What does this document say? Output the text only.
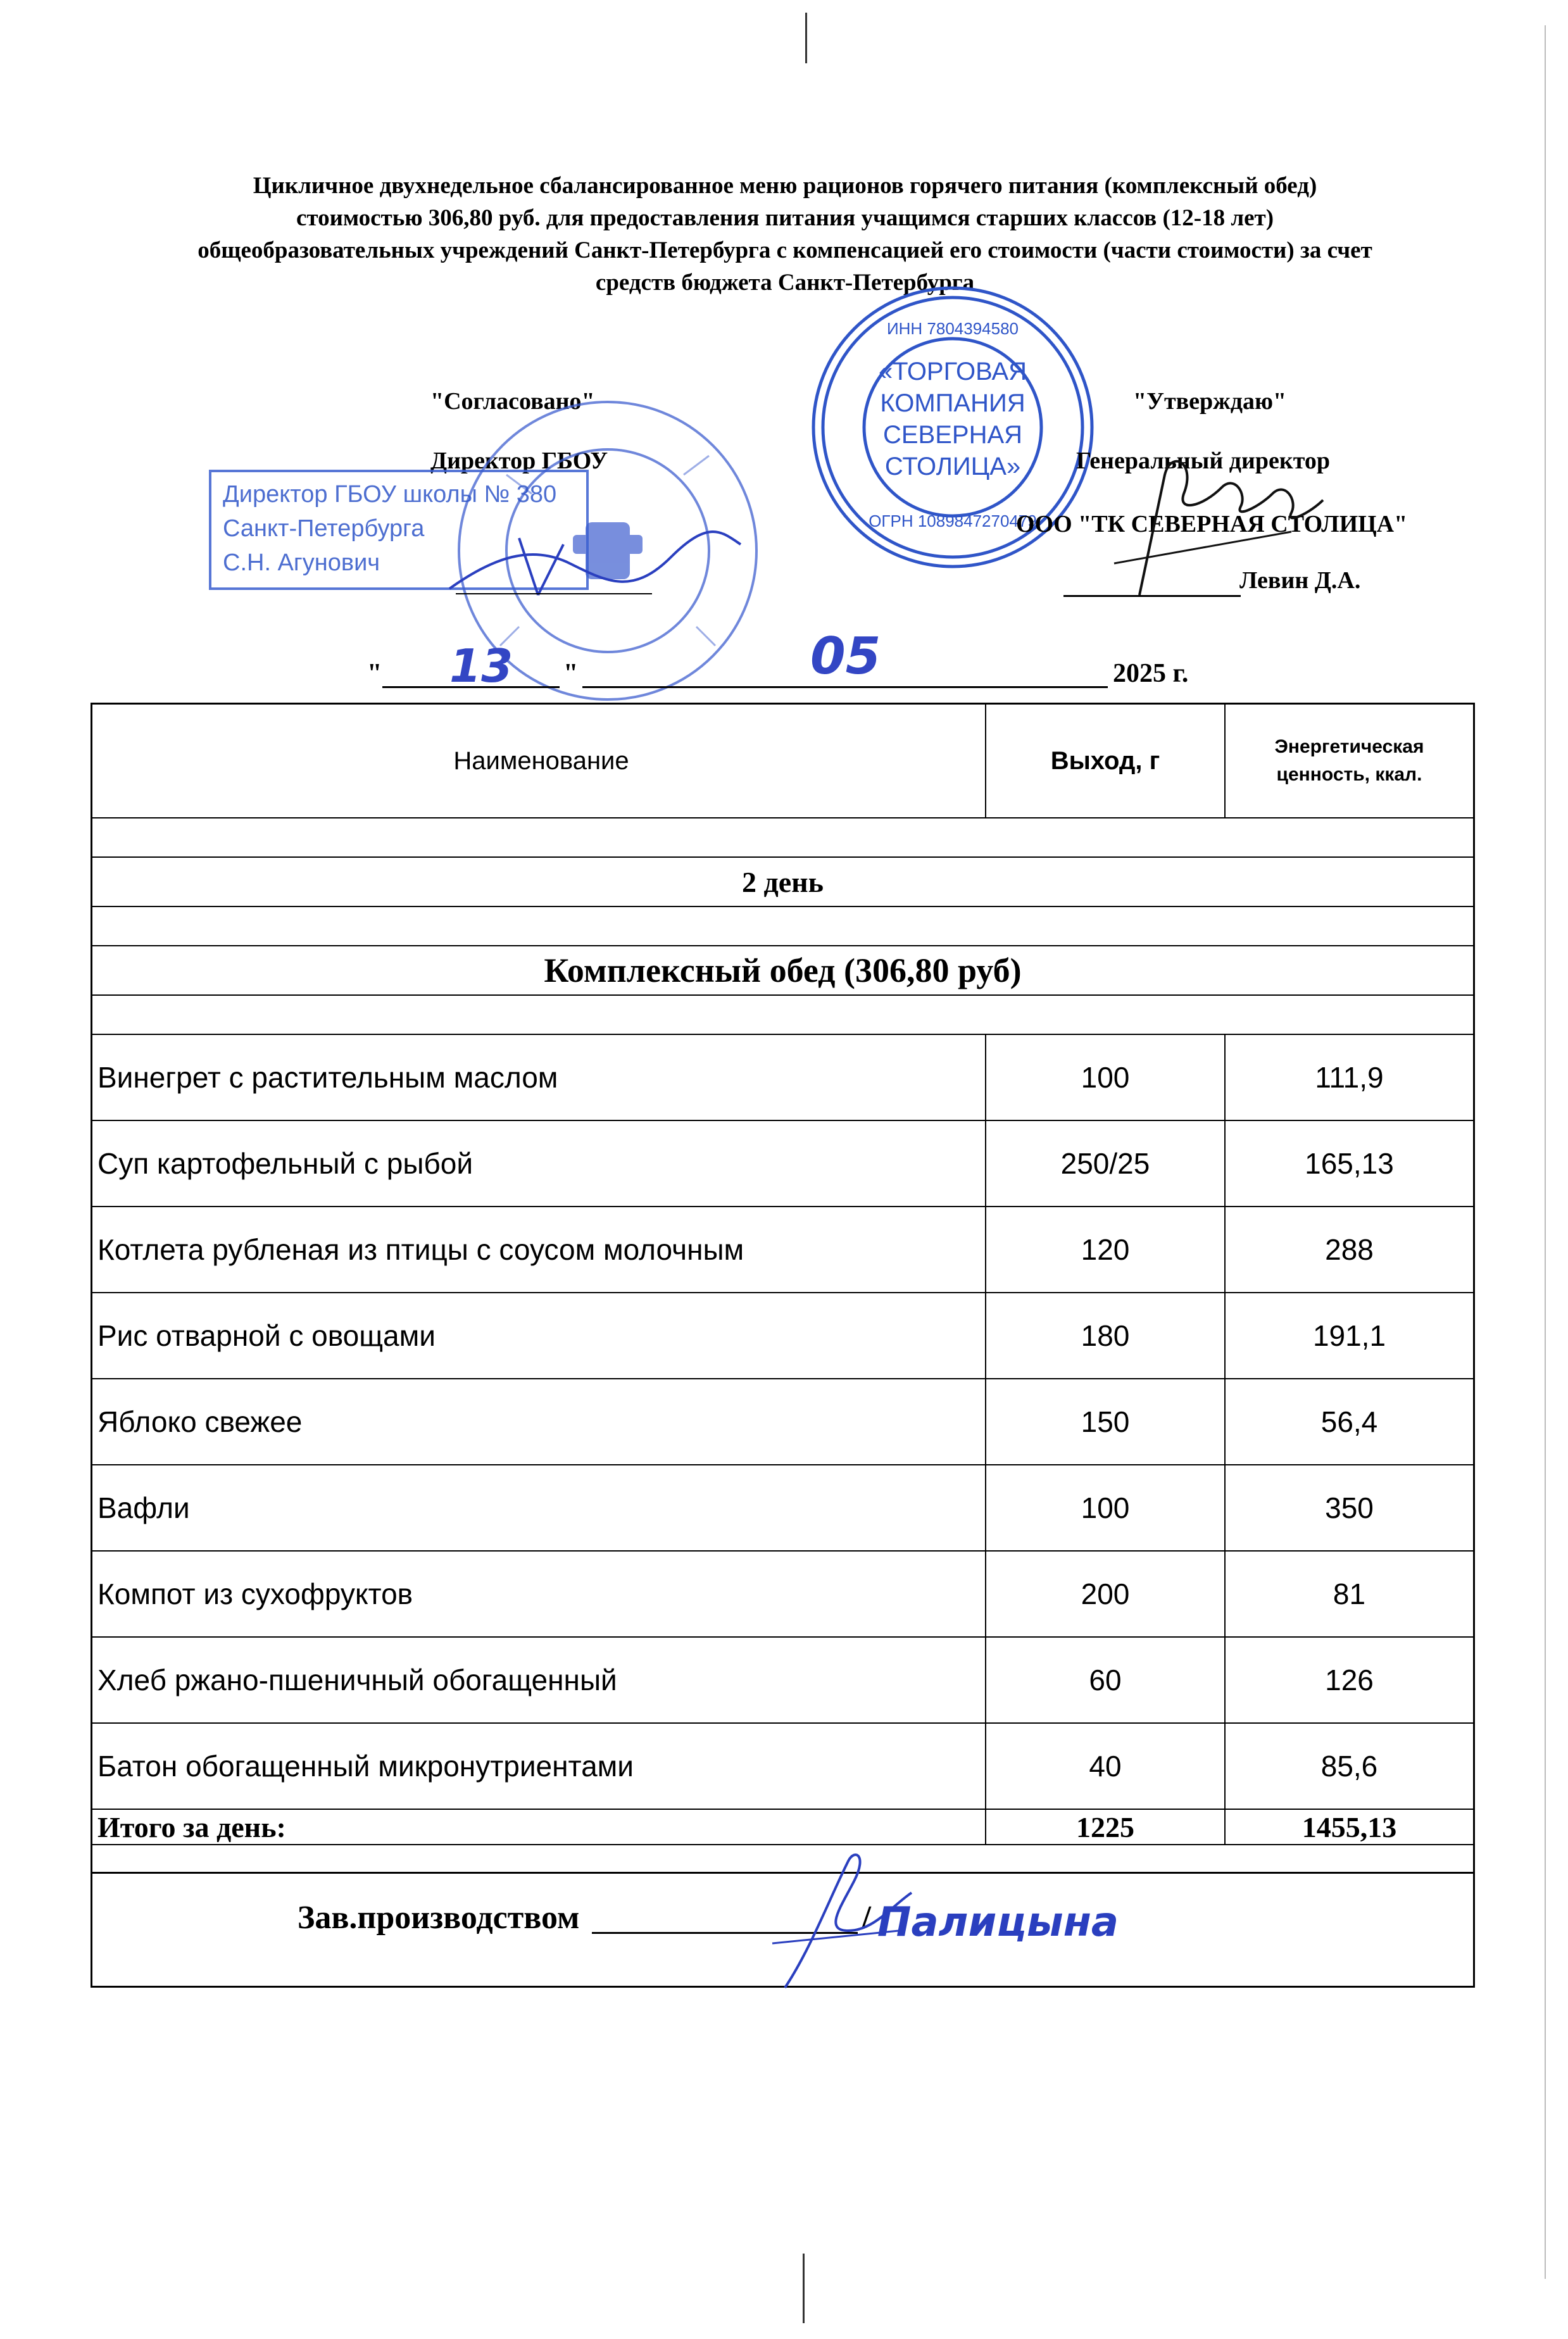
Цикличное двухнедельное сбалансированное меню рационов горячего питания (комплексный обед)
стоимостью 306,80 руб. для предоставления питания учащимся старших классов (12-18 лет)
общеобразовательных учреждений Санкт-Петербурга с компенсацией его стоимости (части стоимости) за счет
средств бюджета Санкт-Петербурга
"Согласовано"
Директор ГБОУ
Директор ГБОУ школы № 380
Санкт-Петербурга
С.Н. Агунович
«ТОРГОВАЯ
КОМПАНИЯ
СЕВЕРНАЯ
СТОЛИЦА»
ИНН 7804394580
ОГРН 1089847270479
"Утверждаю"
Генеральный директор
ООО "ТК СЕВЕРНАЯ СТОЛИЦА"
Левин Д.А.
" 13 "	05	2025 г.
Наименование	Выход, г	Энергетическая ценность, ккал.
2 день
Комплексный обед (306,80 руб)
Винегрет с растительным маслом	100	111,9
Суп картофельный с рыбой	250/25	165,13
Котлета рубленая из птицы с соусом молочным	120	288
Рис отварной с овощами	180	191,1
Яблоко свежее	150	56,4
Вафли	100	350
Компот из сухофруктов	200	81
Хлеб ржано-пшеничный обогащенный	60	126
Батон обогащенный микронутриентами	40	85,6
Итого за день:	1225	1455,13
Зав.производством	/ Палицына
